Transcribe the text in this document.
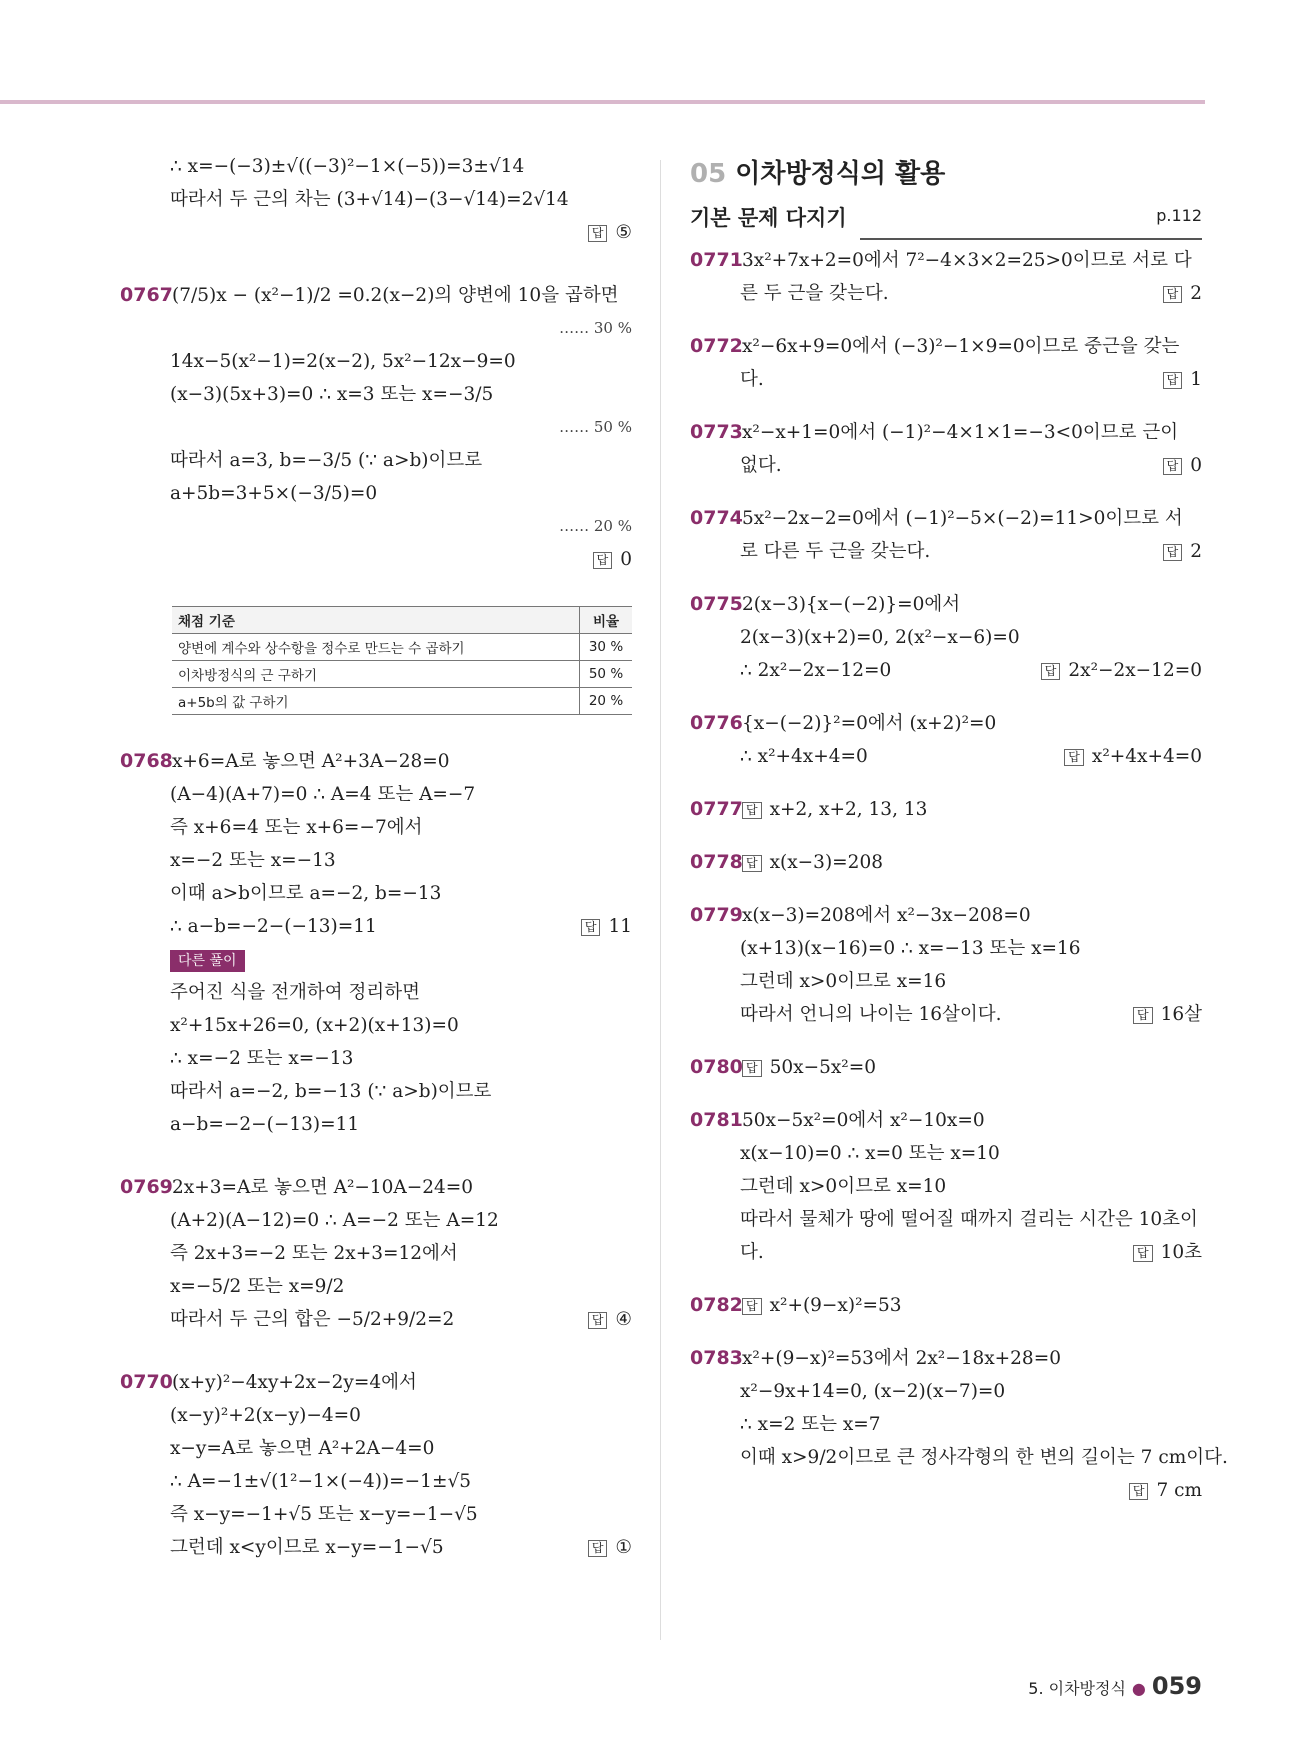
∴ x=−(−3)±√((−3)²−1×(−5))=3±√14
따라서 두 근의 차는 (3+√14)−(3−√14)=2√14
답 ⑤
0767(7/5)x − (x²−1)/2 =0.2(x−2)의 양변에 10을 곱하면
…… 30 %
14x−5(x²−1)=2(x−2), 5x²−12x−9=0
(x−3)(5x+3)=0 ∴ x=3 또는 x=−3/5
…… 50 %
따라서 a=3, b=−3/5 (∵ a>b)이므로
a+5b=3+5×(−3/5)=0
…… 20 %
답 0
채점 기준	비율
양변에 계수와 상수항을 정수로 만드는 수 곱하기	30 %
이차방정식의 근 구하기	50 %
a+5b의 값 구하기	20 %
0768x+6=A로 놓으면 A²+3A−28=0
(A−4)(A+7)=0 ∴ A=4 또는 A=−7
즉 x+6=4 또는 x+6=−7에서
x=−2 또는 x=−13
이때 a>b이므로 a=−2, b=−13
∴ a−b=−2−(−13)=11	답 11
다른 풀이
주어진 식을 전개하여 정리하면
x²+15x+26=0, (x+2)(x+13)=0
∴ x=−2 또는 x=−13
따라서 a=−2, b=−13 (∵ a>b)이므로
a−b=−2−(−13)=11
07692x+3=A로 놓으면 A²−10A−24=0
(A+2)(A−12)=0 ∴ A=−2 또는 A=12
즉 2x+3=−2 또는 2x+3=12에서
x=−5/2 또는 x=9/2
따라서 두 근의 합은 −5/2+9/2=2	답 ④
0770(x+y)²−4xy+2x−2y=4에서
(x−y)²+2(x−y)−4=0
x−y=A로 놓으면 A²+2A−4=0
∴ A=−1±√(1²−1×(−4))=−1±√5
즉 x−y=−1+√5 또는 x−y=−1−√5
그런데 x<y이므로 x−y=−1−√5	답 ①
05 이차방정식의 활용
기본 문제 다지기	p.112
07713x²+7x+2=0에서 7²−4×3×2=25>0이므로 서로 다
른 두 근을 갖는다.	답 2
0772x²−6x+9=0에서 (−3)²−1×9=0이므로 중근을 갖는
다.	답 1
0773x²−x+1=0에서 (−1)²−4×1×1=−3<0이므로 근이
없다.	답 0
07745x²−2x−2=0에서 (−1)²−5×(−2)=11>0이므로 서
로 다른 두 근을 갖는다.	답 2
07752(x−3){x−(−2)}=0에서
2(x−3)(x+2)=0, 2(x²−x−6)=0
∴ 2x²−2x−12=0	답 2x²−2x−12=0
0776{x−(−2)}²=0에서 (x+2)²=0
∴ x²+4x+4=0	답 x²+4x+4=0
0777 답 x+2, x+2, 13, 13
0778 답 x(x−3)=208
0779x(x−3)=208에서 x²−3x−208=0
(x+13)(x−16)=0 ∴ x=−13 또는 x=16
그런데 x>0이므로 x=16
따라서 언니의 나이는 16살이다.	답 16살
0780 답 50x−5x²=0
078150x−5x²=0에서 x²−10x=0
x(x−10)=0 ∴ x=0 또는 x=10
그런데 x>0이므로 x=10
따라서 물체가 땅에 떨어질 때까지 걸리는 시간은 10초이
다.	답 10초
0782 답 x²+(9−x)²=53
0783x²+(9−x)²=53에서 2x²−18x+28=0
x²−9x+14=0, (x−2)(x−7)=0
∴ x=2 또는 x=7
이때 x>9/2이므로 큰 정사각형의 한 변의 길이는 7 cm이다.
답 7 cm
5. 이차방정식 ● 059
